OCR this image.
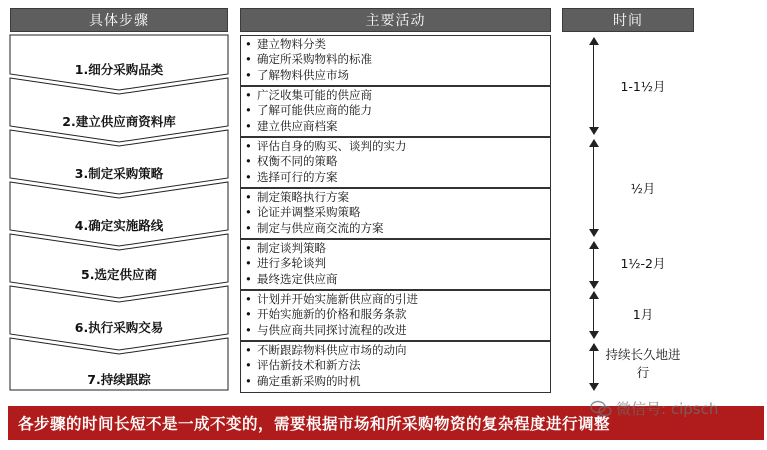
具体步骤	主要活动	时间
1.细分采购品类
2.建立供应商资料库
3.制定采购策略
4.确定实施路线
5.选定供应商
6.执行采购交易
7.持续跟踪
• 建立物料分类
• 确定所采购物料的标准
• 了解物料供应市场
• 广泛收集可能的供应商
• 了解可能供应商的能力
• 建立供应商档案
• 评估自身的购买、谈判的实力
• 权衡不同的策略
• 选择可行的方案
• 制定策略执行方案
• 论证并调整采购策略
• 制定与供应商交流的方案
• 制定谈判策略
• 进行多轮谈判
• 最终选定供应商
• 计划并开始实施新供应商的引进
• 开始实施新的价格和服务条款
• 与供应商共同探讨流程的改进
• 不断跟踪物料供应市场的动向
• 评估新技术和新方法
• 确定重新采购的时机
1-1½月
½月
1½-2月
1月
持续长久地进行
各步骤的时间长短不是一成不变的，需要根据市场和所采购物资的复杂程度进行调整
微信号: cipsch
